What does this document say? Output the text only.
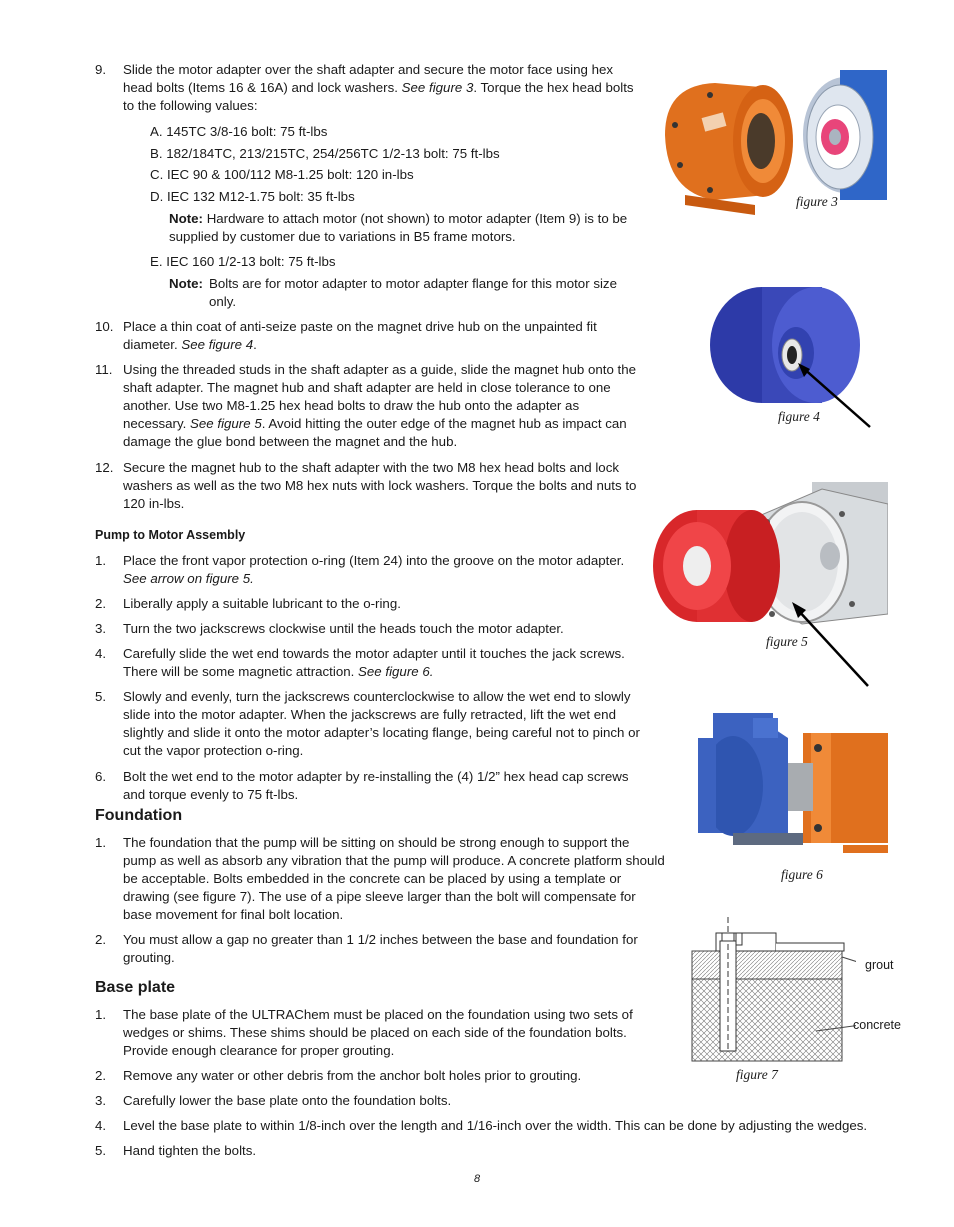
9. Slide the motor adapter over the shaft adapter and secure the motor face using hex head bolts (Items 16 & 16A) and lock washers. See figure 3. Torque the hex head bolts to the following values:
A. 145TC 3/8-16 bolt: 75 ft-lbs
B. 182/184TC, 213/215TC, 254/256TC 1/2-13 bolt: 75 ft-lbs
C. IEC 90 & 100/112 M8-1.25 bolt: 120 in-lbs
D. IEC 132 M12-1.75 bolt: 35 ft-lbs
Note: Hardware to attach motor (not shown) to motor adapter (Item 9) is to be supplied by customer due to variations in B5 frame motors.
E. IEC 160 1/2-13 bolt: 75 ft-lbs
Note: Bolts are for motor adapter to motor adapter flange for this motor size only.
10. Place a thin coat of anti-seize paste on the magnet drive hub on the unpainted fit diameter. See figure 4.
11. Using the threaded studs in the shaft adapter as a guide, slide the magnet hub onto the shaft adapter. The magnet hub and shaft adapter are held in close tolerance to one another. Use two M8-1.25 hex head bolts to draw the hub onto the adapter as necessary. See figure 5. Avoid hitting the outer edge of the magnet hub as impact can damage the glue bond between the magnet and the hub.
12. Secure the magnet hub to the shaft adapter with the two M8 hex head bolts and lock washers as well as the two M8 hex nuts with lock washers. Torque the bolts and nuts to 120 in-lbs.
Pump to Motor Assembly
1. Place the front vapor protection o-ring (Item 24) into the groove on the motor adapter. See arrow on figure 5.
2. Liberally apply a suitable lubricant to the o-ring.
3. Turn the two jackscrews clockwise until the heads touch the motor adapter.
4. Carefully slide the wet end towards the motor adapter until it touches the jack screws. There will be some magnetic attraction. See figure 6.
5. Slowly and evenly, turn the jackscrews counterclockwise to allow the wet end to slowly slide into the motor adapter. When the jackscrews are fully retracted, lift the wet end slightly and slide it onto the motor adapter’s locating flange, being careful not to pinch or cut the vapor protection o-ring.
6. Bolt the wet end to the motor adapter by re-installing the (4) 1/2” hex head cap screws and torque evenly to 75 ft-lbs.
Foundation
1. The foundation that the pump will be sitting on should be strong enough to support the pump as well as absorb any vibration that the pump will produce. A concrete platform should be acceptable. Bolts embedded in the concrete can be placed by using a template or drawing (see figure 7). The use of a pipe sleeve larger than the bolt will compensate for base movement for final bolt location.
2. You must allow a gap no greater than 1 1/2 inches between the base and foundation for grouting.
Base plate
1. The base plate of the ULTRAChem must be placed on the foundation using two sets of wedges or shims. These shims should be placed on each side of the foundation bolts. Provide enough clearance for proper grouting.
2. Remove any water or other debris from the anchor bolt holes prior to grouting.
3. Carefully lower the base plate onto the foundation bolts.
4. Level the base plate to within 1/8-inch over the length and 1/16-inch over the width. This can be done by adjusting the wedges.
5. Hand tighten the bolts.
figure 3
figure 4
figure 5
figure 6
grout
concrete
figure 7
8
